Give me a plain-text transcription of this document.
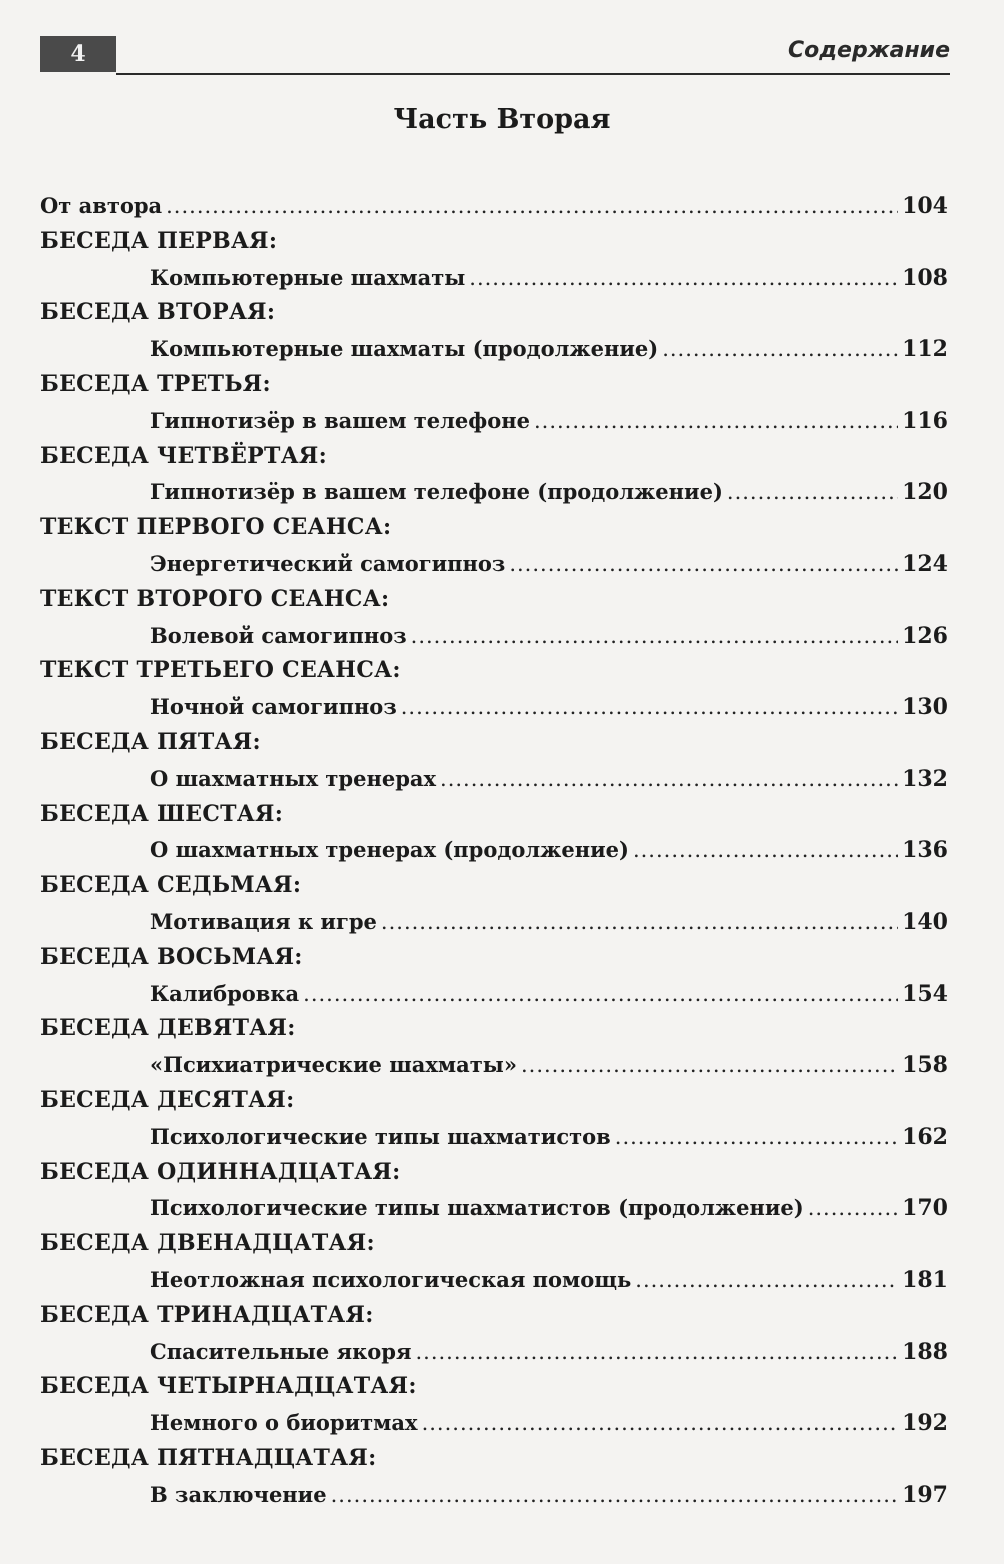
4	Содержание
Часть Вторая
От автора .....	104
БЕСЕДА ПЕРВАЯ:
Компьютерные шахматы .....	108
БЕСЕДА ВТОРАЯ:
Компьютерные шахматы (продолжение) .....	112
БЕСЕДА ТРЕТЬЯ:
Гипнотизёр в вашем телефоне .....	116
БЕСЕДА ЧЕТВЁРТАЯ:
Гипнотизёр в вашем телефоне (продолжение) .....	120
ТЕКСТ ПЕРВОГО СЕАНСА:
Энергетический самогипноз .....	124
ТЕКСТ ВТОРОГО СЕАНСА:
Волевой самогипноз .....	126
ТЕКСТ ТРЕТЬЕГО СЕАНСА:
Ночной самогипноз .....	130
БЕСЕДА ПЯТАЯ:
О шахматных тренерах .....	132
БЕСЕДА ШЕСТАЯ:
О шахматных тренерах (продолжение) .....	136
БЕСЕДА СЕДЬМАЯ:
Мотивация к игре .....	140
БЕСЕДА ВОСЬМАЯ:
Калибровка .....	154
БЕСЕДА ДЕВЯТАЯ:
«Психиатрические шахматы» .....	158
БЕСЕДА ДЕСЯТАЯ:
Психологические типы шахматистов .....	162
БЕСЕДА ОДИННАДЦАТАЯ:
Психологические типы шахматистов (продолжение) .....	170
БЕСЕДА ДВЕНАДЦАТАЯ:
Неотложная психологическая помощь .....	181
БЕСЕДА ТРИНАДЦАТАЯ:
Спасительные якоря .....	188
БЕСЕДА ЧЕТЫРНАДЦАТАЯ:
Немного о биоритмах .....	192
БЕСЕДА ПЯТНАДЦАТАЯ:
В заключение .....	197
